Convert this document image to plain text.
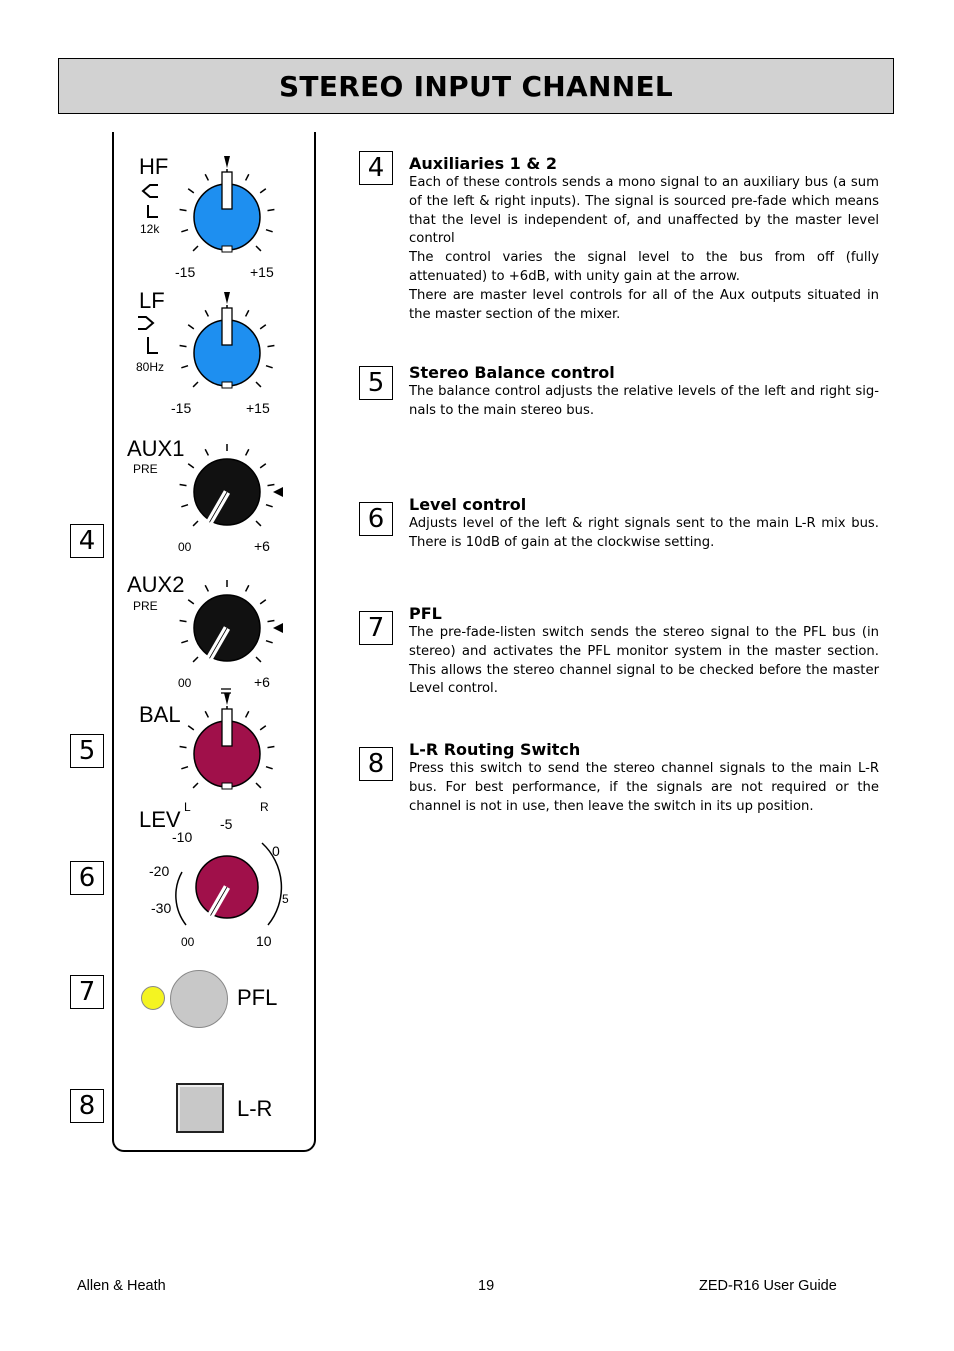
STEREO INPUT CHANNEL
HF
12k
-15	+15
LF
80Hz
-15	+15
AUX1
PRE
00	+6
AUX2
PRE
00	+6
BAL
L	R
LEV	-5
-10
-20
-30
00
0
5
10
PFL
L-R
4
5
6
7
8
4	Auxiliaries 1 & 2

Each of these controls sends a mono signal to an auxiliary bus (a sum of the left & right inputs). The signal is sourced pre-fade which means that the level is independent of, and unaffected by the master level control

The control varies the signal level to the bus from off (fully attenuated) to +6dB, with unity gain at the arrow.

There are master level controls for all of the Aux outputs situated in the master section of the mixer.

5	Stereo Balance control

The balance control adjusts the relative levels of the left and right sig-nals to the main stereo bus.

6	Level control

Adjusts level of the left & right signals sent to the main L-R mix bus. There is 10dB of gain at the clockwise setting.

7	PFL

The pre-fade-listen switch sends the stereo signal to the PFL bus (in stereo) and activates the PFL monitor system in the master section. This allows the stereo channel signal to be checked before the master Level control.

8	L-R Routing Switch

Press this switch to send the stereo channel signals to the main L-R bus. For best performance, if the signals are not required or the channel is not in use, then leave the switch in its up position.

Allen & Heath	19	ZED-R16 User Guide
